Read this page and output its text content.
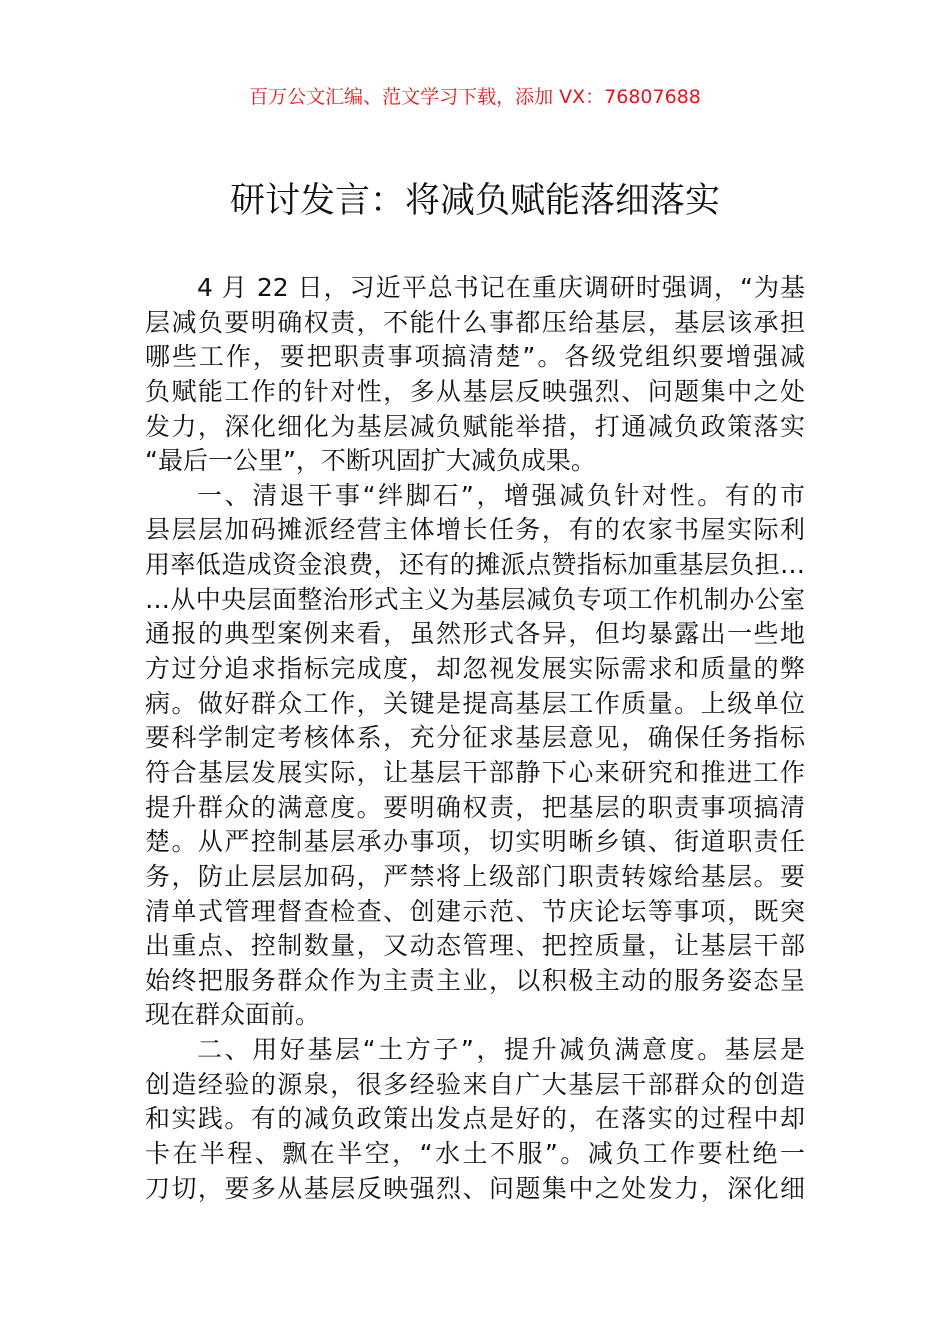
百万公文汇编、范文学习下载，添加 VX：76807688
研讨发言：将减负赋能落细落实
4 月 22 日，习近平总书记在重庆调研时强调，“为基
层减负要明确权责，不能什么事都压给基层，基层该承担
哪些工作，要把职责事项搞清楚”。各级党组织要增强减
负赋能工作的针对性，多从基层反映强烈、问题集中之处
发力，深化细化为基层减负赋能举措，打通减负政策落实
“最后一公里”，不断巩固扩大减负成果。
一、清退干事“绊脚石”，增强减负针对性。有的市
县层层加码摊派经营主体增长任务，有的农家书屋实际利
用率低造成资金浪费，还有的摊派点赞指标加重基层负担…
…从中央层面整治形式主义为基层减负专项工作机制办公室
通报的典型案例来看，虽然形式各异，但均暴露出一些地
方过分追求指标完成度，却忽视发展实际需求和质量的弊
病。做好群众工作，关键是提高基层工作质量。上级单位
要科学制定考核体系，充分征求基层意见，确保任务指标
符合基层发展实际，让基层干部静下心来研究和推进工作
提升群众的满意度。要明确权责，把基层的职责事项搞清
楚。从严控制基层承办事项，切实明晰乡镇、街道职责任
务，防止层层加码，严禁将上级部门职责转嫁给基层。要
清单式管理督查检查、创建示范、节庆论坛等事项，既突
出重点、控制数量，又动态管理、把控质量，让基层干部
始终把服务群众作为主责主业，以积极主动的服务姿态呈
现在群众面前。
二、用好基层“土方子”，提升减负满意度。基层是
创造经验的源泉，很多经验来自广大基层干部群众的创造
和实践。有的减负政策出发点是好的，在落实的过程中却
卡在半程、飘在半空，“水土不服”。减负工作要杜绝一
刀切，要多从基层反映强烈、问题集中之处发力，深化细
